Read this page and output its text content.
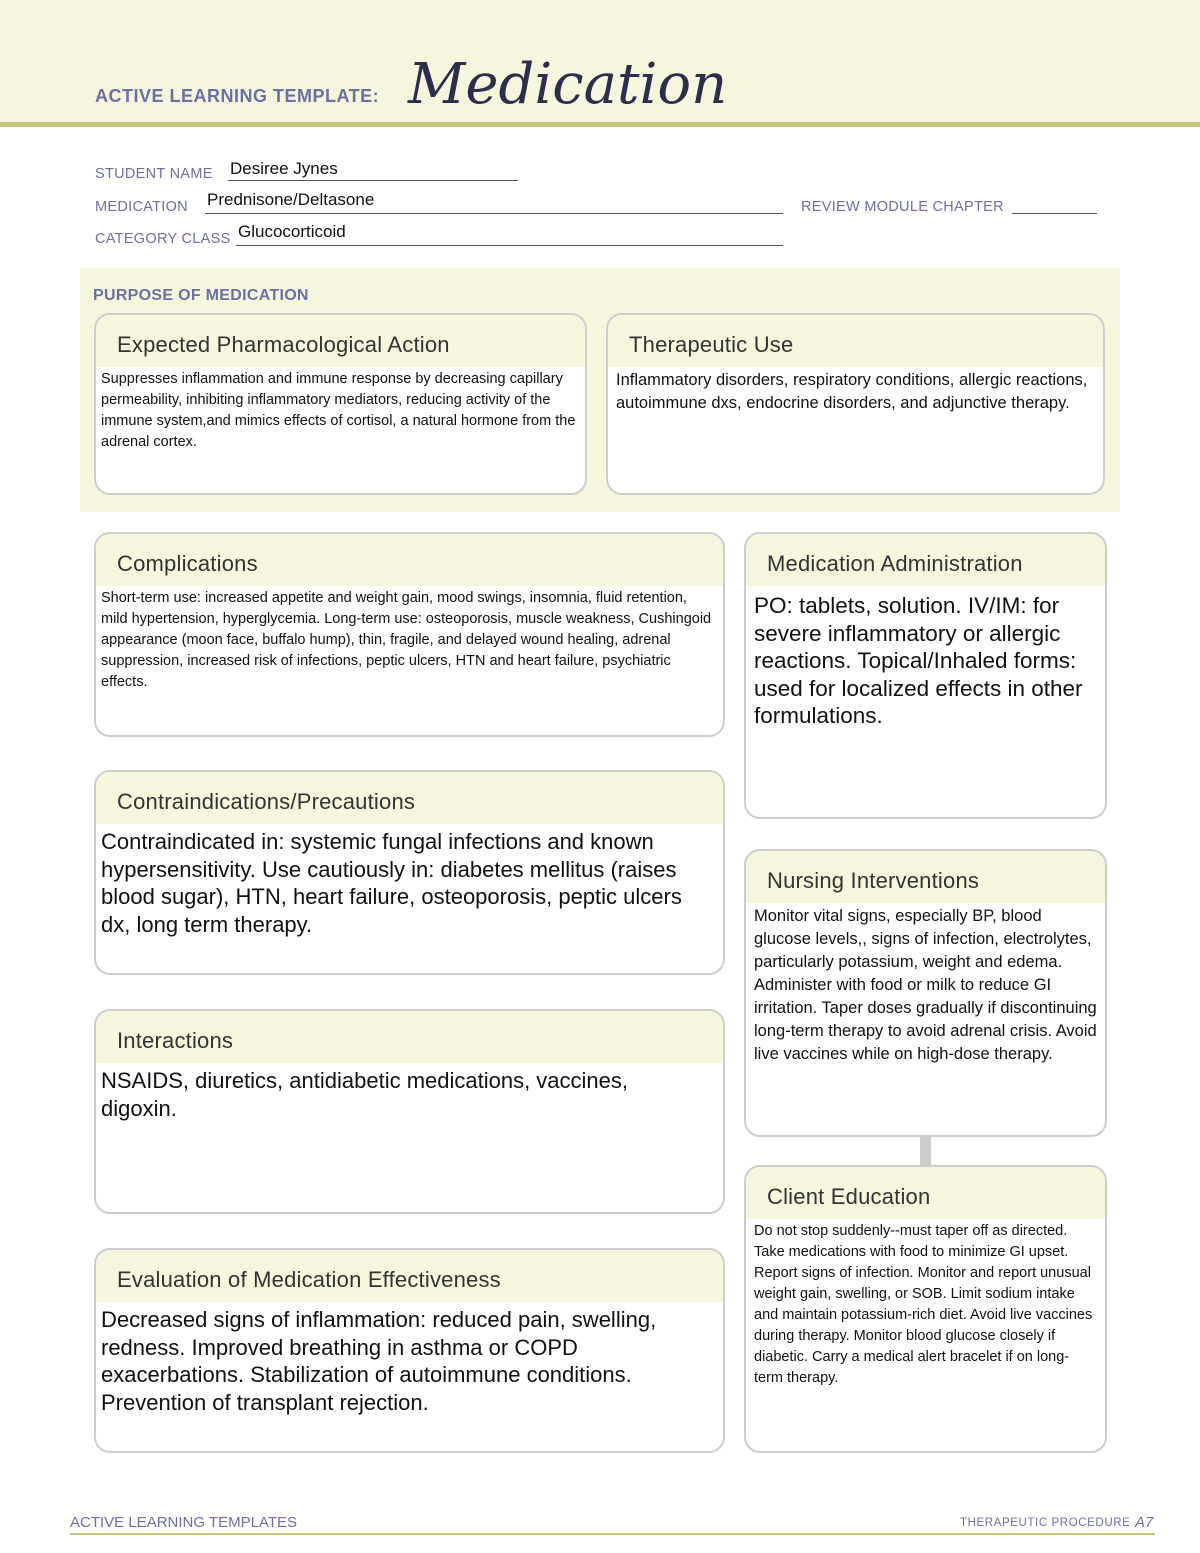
ACTIVE LEARNING TEMPLATE: Medication
STUDENT NAME Desiree Jynes
MEDICATION Prednisone/Deltasone	REVIEW MODULE CHAPTER
CATEGORY CLASS Glucocorticoid
PURPOSE OF MEDICATION
Expected Pharmacological Action
Suppresses inflammation and immune response by decreasing capillary permeability, inhibiting inflammatory mediators, reducing activity of the immune system,and mimics effects of cortisol, a natural hormone from the adrenal cortex.
Therapeutic Use
Inflammatory disorders, respiratory conditions, allergic reactions, autoimmune dxs, endocrine disorders, and adjunctive therapy.
Complications
Short-term use: increased appetite and weight gain, mood swings, insomnia, fluid retention, mild hypertension, hyperglycemia. Long-term use: osteoporosis, muscle weakness, Cushingoid appearance (moon face, buffalo hump), thin, fragile, and delayed wound healing, adrenal suppression, increased risk of infections, peptic ulcers, HTN and heart failure, psychiatric effects.
Contraindications/Precautions
Contraindicated in: systemic fungal infections and known hypersensitivity. Use cautiously in: diabetes mellitus (raises blood sugar), HTN, heart failure, osteoporosis, peptic ulcers dx, long term therapy.
Interactions
NSAIDS, diuretics, antidiabetic medications, vaccines, digoxin.
Evaluation of Medication Effectiveness
Decreased signs of inflammation: reduced pain, swelling, redness. Improved breathing in asthma or COPD exacerbations. Stabilization of autoimmune conditions. Prevention of transplant rejection.
Medication Administration
PO: tablets, solution. IV/IM: for severe inflammatory or allergic reactions. Topical/Inhaled forms: used for localized effects in other formulations.
Nursing Interventions
Monitor vital signs, especially BP, blood glucose levels,, signs of infection, electrolytes, particularly potassium, weight and edema. Administer with food or milk to reduce GI irritation. Taper doses gradually if discontinuing long-term therapy to avoid adrenal crisis. Avoid live vaccines while on high-dose therapy.
Client Education
Do not stop suddenly--must taper off as directed. Take medications with food to minimize GI upset. Report signs of infection. Monitor and report unusual weight gain, swelling, or SOB. Limit sodium intake and maintain potassium-rich diet. Avoid live vaccines during therapy. Monitor blood glucose closely if diabetic. Carry a medical alert bracelet if on long-term therapy.
ACTIVE LEARNING TEMPLATES	THERAPEUTIC PROCEDURE A7
